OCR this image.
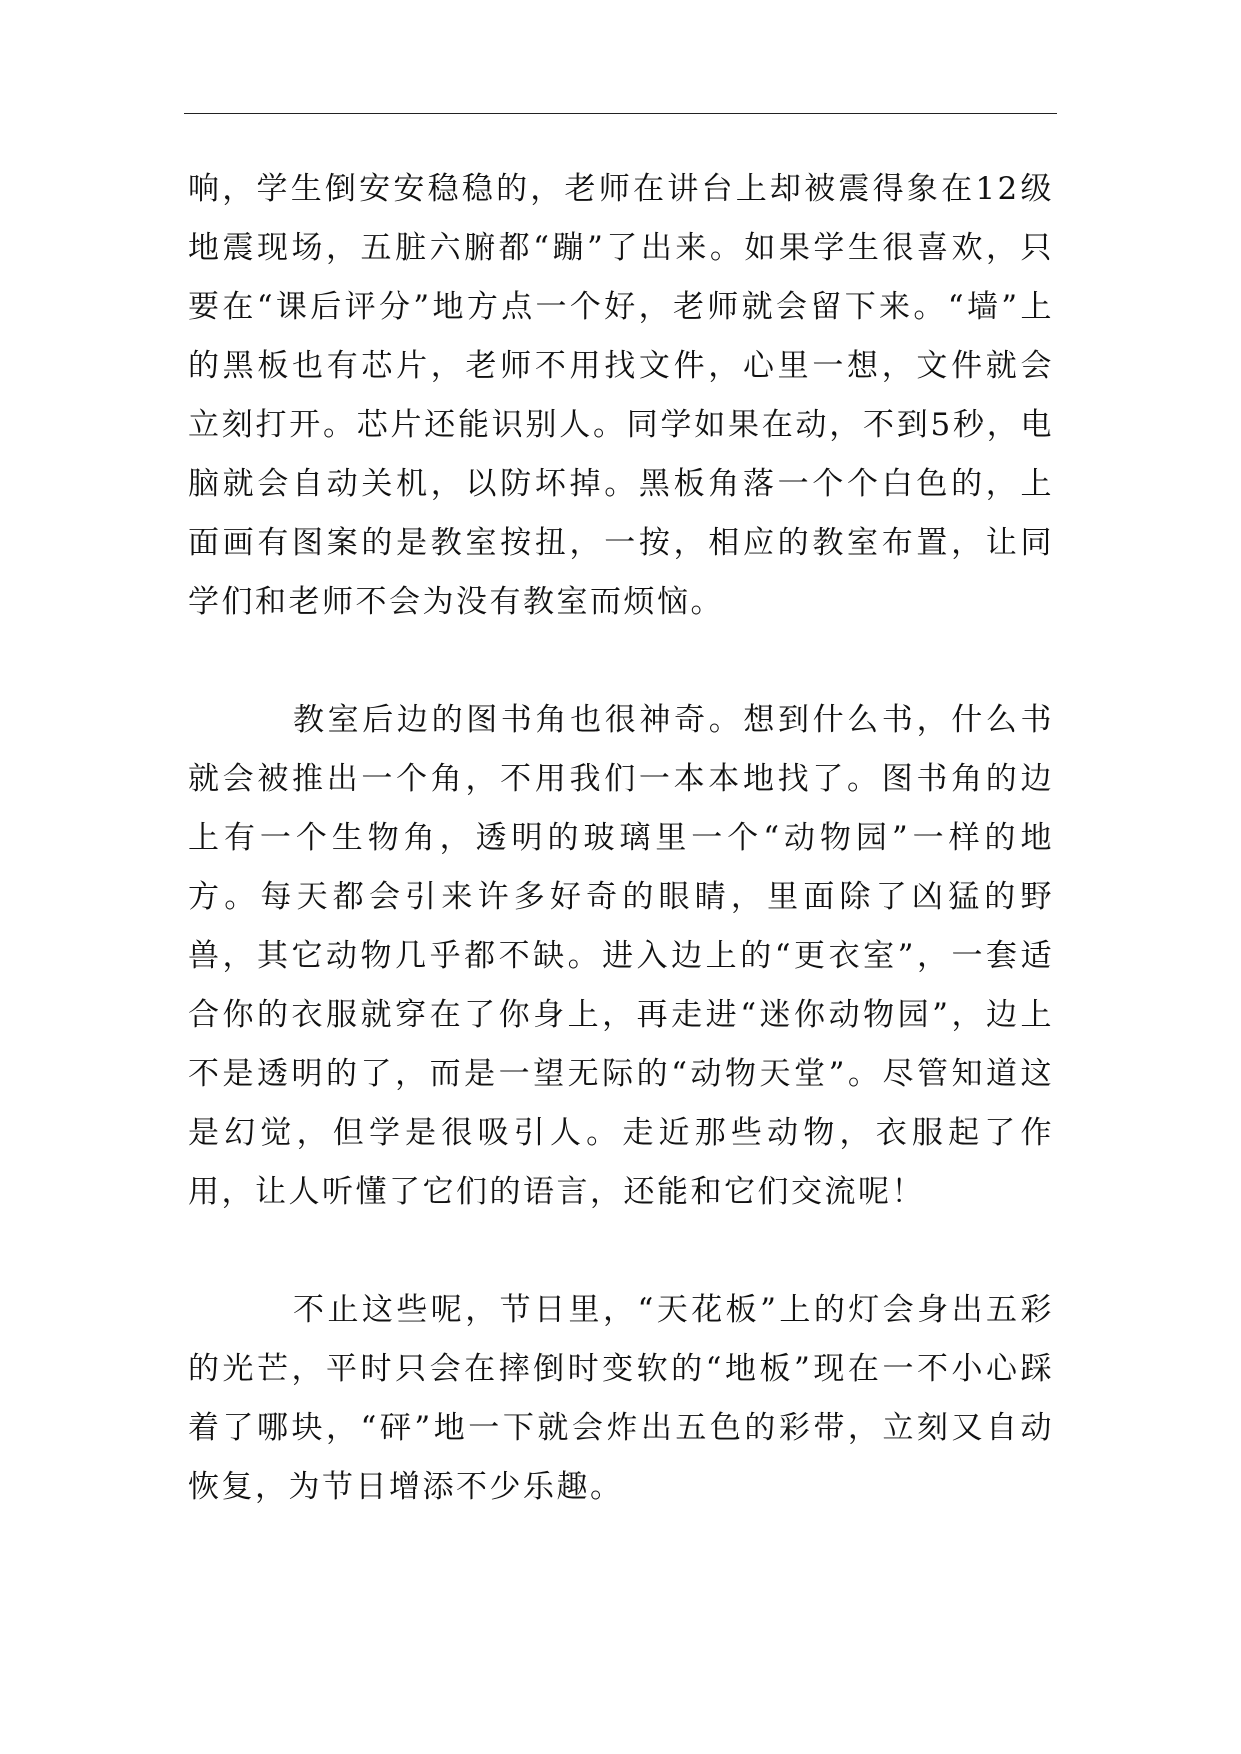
响，学生倒安安稳稳的，老师在讲台上却被震得象在12级地震现场，五脏六腑都“蹦”了出来。如果学生很喜欢，只要在“课后评分”地方点一个好，老师就会留下来。“墙”上的黑板也有芯片，老师不用找文件，心里一想，文件就会立刻打开。芯片还能识别人。同学如果在动，不到5秒，电脑就会自动关机，以防坏掉。黑板角落一个个白色的，上面画有图案的是教室按扭，一按，相应的教室布置，让同学们和老师不会为没有教室而烦恼。

教室后边的图书角也很神奇。想到什么书，什么书就会被推出一个角，不用我们一本本地找了。图书角的边上有一个生物角，透明的玻璃里一个“动物园”一样的地方。每天都会引来许多好奇的眼睛，里面除了凶猛的野兽，其它动物几乎都不缺。进入边上的“更衣室”，一套适合你的衣服就穿在了你身上，再走进“迷你动物园”，边上不是透明的了，而是一望无际的“动物天堂”。尽管知道这是幻觉，但学是很吸引人。走近那些动物，衣服起了作用，让人听懂了它们的语言，还能和它们交流呢！

不止这些呢，节日里，“天花板”上的灯会身出五彩的光芒，平时只会在摔倒时变软的“地板”现在一不小心踩着了哪块，“砰”地一下就会炸出五色的彩带，立刻又自动恢复，为节日增添不少乐趣。
